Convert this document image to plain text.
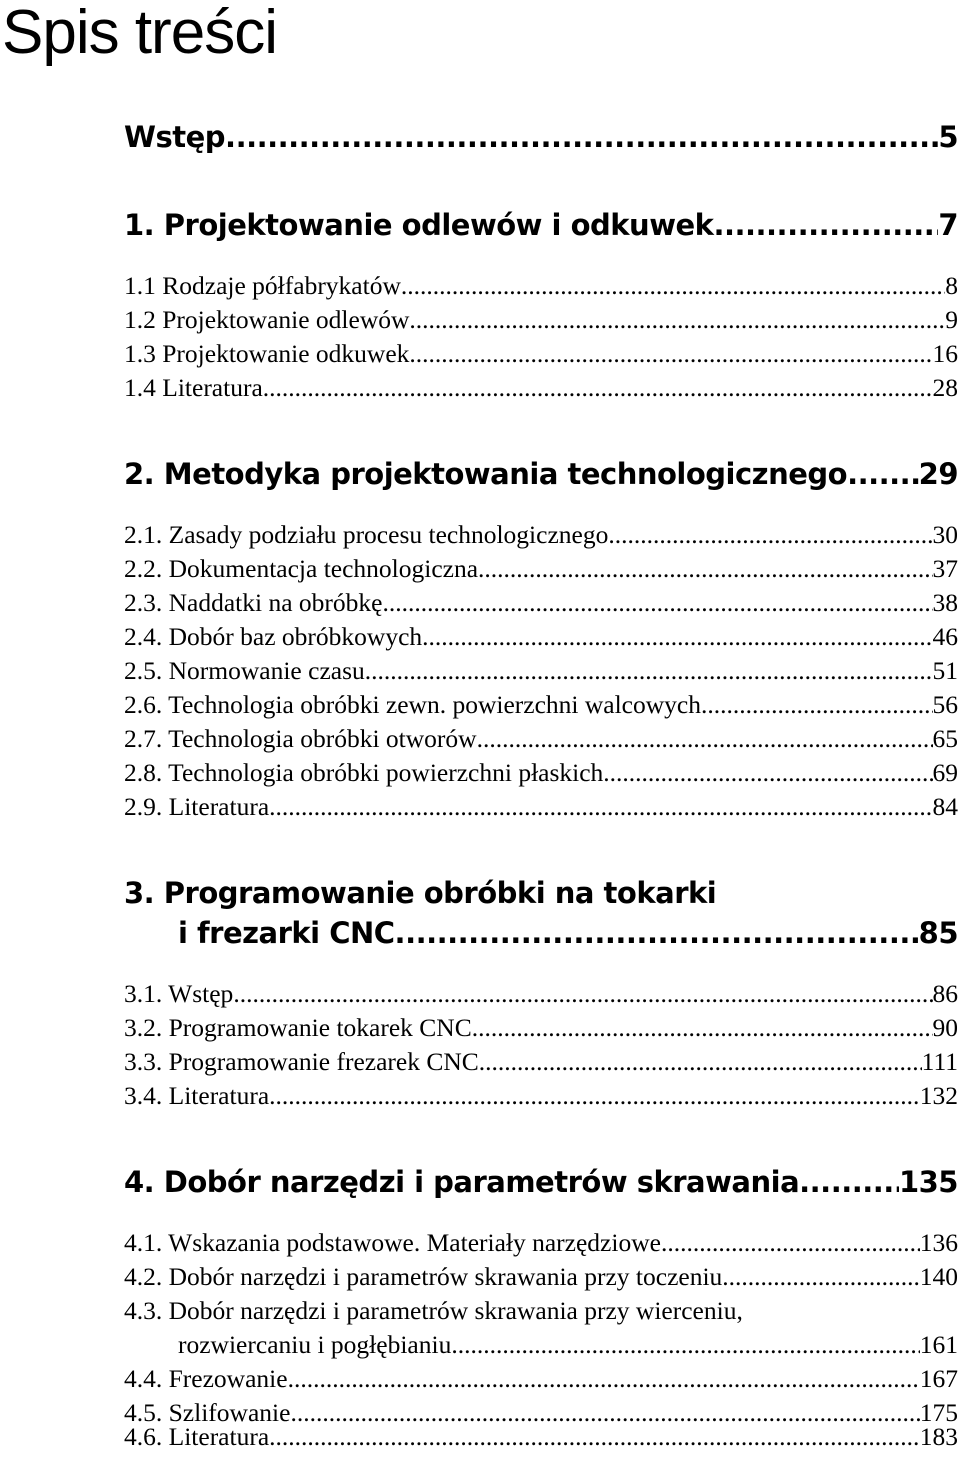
Spis treści
Wstęp .....	5
1. Projektowanie odlewów i odkuwek .....	7
1.1 Rodzaje półfabrykatów .....	8
1.2 Projektowanie odlewów .....	9
1.3 Projektowanie odkuwek .....	16
1.4 Literatura .....	28
2. Metodyka projektowania technologicznego ..... 29
2.1. Zasady podziału procesu technologicznego .....	30
2.2. Dokumentacja technologiczna .....	37
2.3. Naddatki na obróbkę .....	38
2.4. Dobór baz obróbkowych .....	46
2.5. Normowanie czasu .....	51
2.6. Technologia obróbki zewn. powierzchni walcowych .....	56
2.7. Technologia obróbki otworów .....	65
2.8. Technologia obróbki powierzchni płaskich .....	69
2.9. Literatura .....	84
3. Programowanie obróbki na tokarki
i frezarki CNC .....	85
3.1. Wstęp .....	86
3.2. Programowanie tokarek CNC .....	90
3.3. Programowanie frezarek CNC .....	111
3.4. Literatura .....	132
4. Dobór narzędzi i parametrów skrawania .....	135
4.1. Wskazania podstawowe. Materiały narzędziowe .....	136
4.2. Dobór narzędzi i parametrów skrawania przy toczeniu .....	140
4.3. Dobór narzędzi i parametrów skrawania przy wierceniu,
rozwiercaniu i pogłębianiu .....	161
4.4. Frezowanie .....	167
4.5. Szlifowanie .....	175
4.6. Literatura .....	183
